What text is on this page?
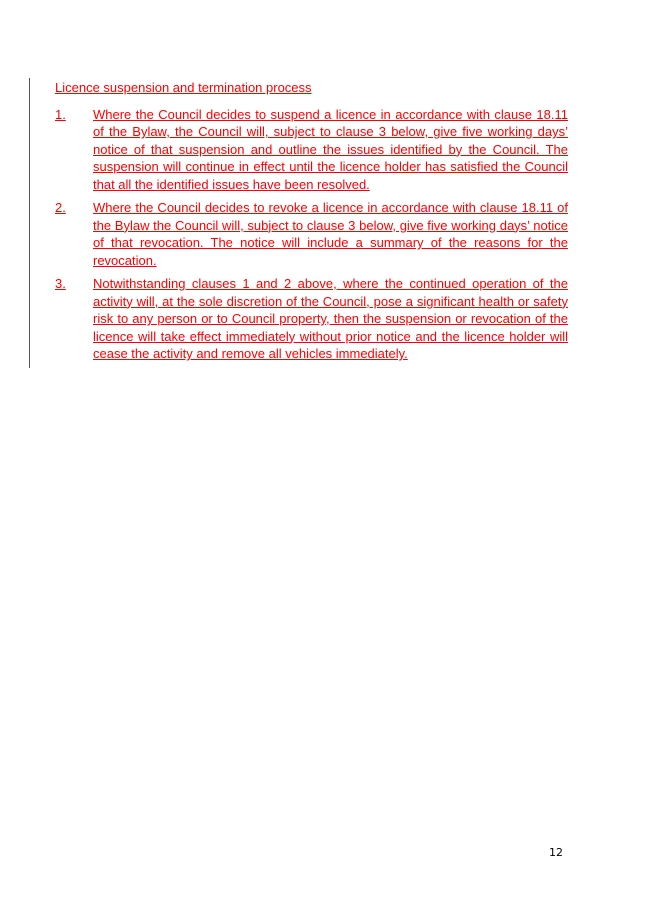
Licence suspension and termination process
1.	Where the Council decides to suspend a licence in accordance with clause 18.11 of the Bylaw, the Council will, subject to clause 3 below, give five working days’ notice of that suspension and outline the issues identified by the Council. The suspension will continue in effect until the licence holder has satisfied the Council that all the identified issues have been resolved.
2.	Where the Council decides to revoke a licence in accordance with clause 18.11 of the Bylaw the Council will, subject to clause 3 below, give five working days’ notice of that revocation. The notice will include a summary of the reasons for the revocation.
3.	Notwithstanding clauses 1 and 2 above, where the continued operation of the activity will, at the sole discretion of the Council, pose a significant health or safety risk to any person or to Council property, then the suspension or revocation of the licence will take effect immediately without prior notice and the licence holder will cease the activity and remove all vehicles immediately.
12
